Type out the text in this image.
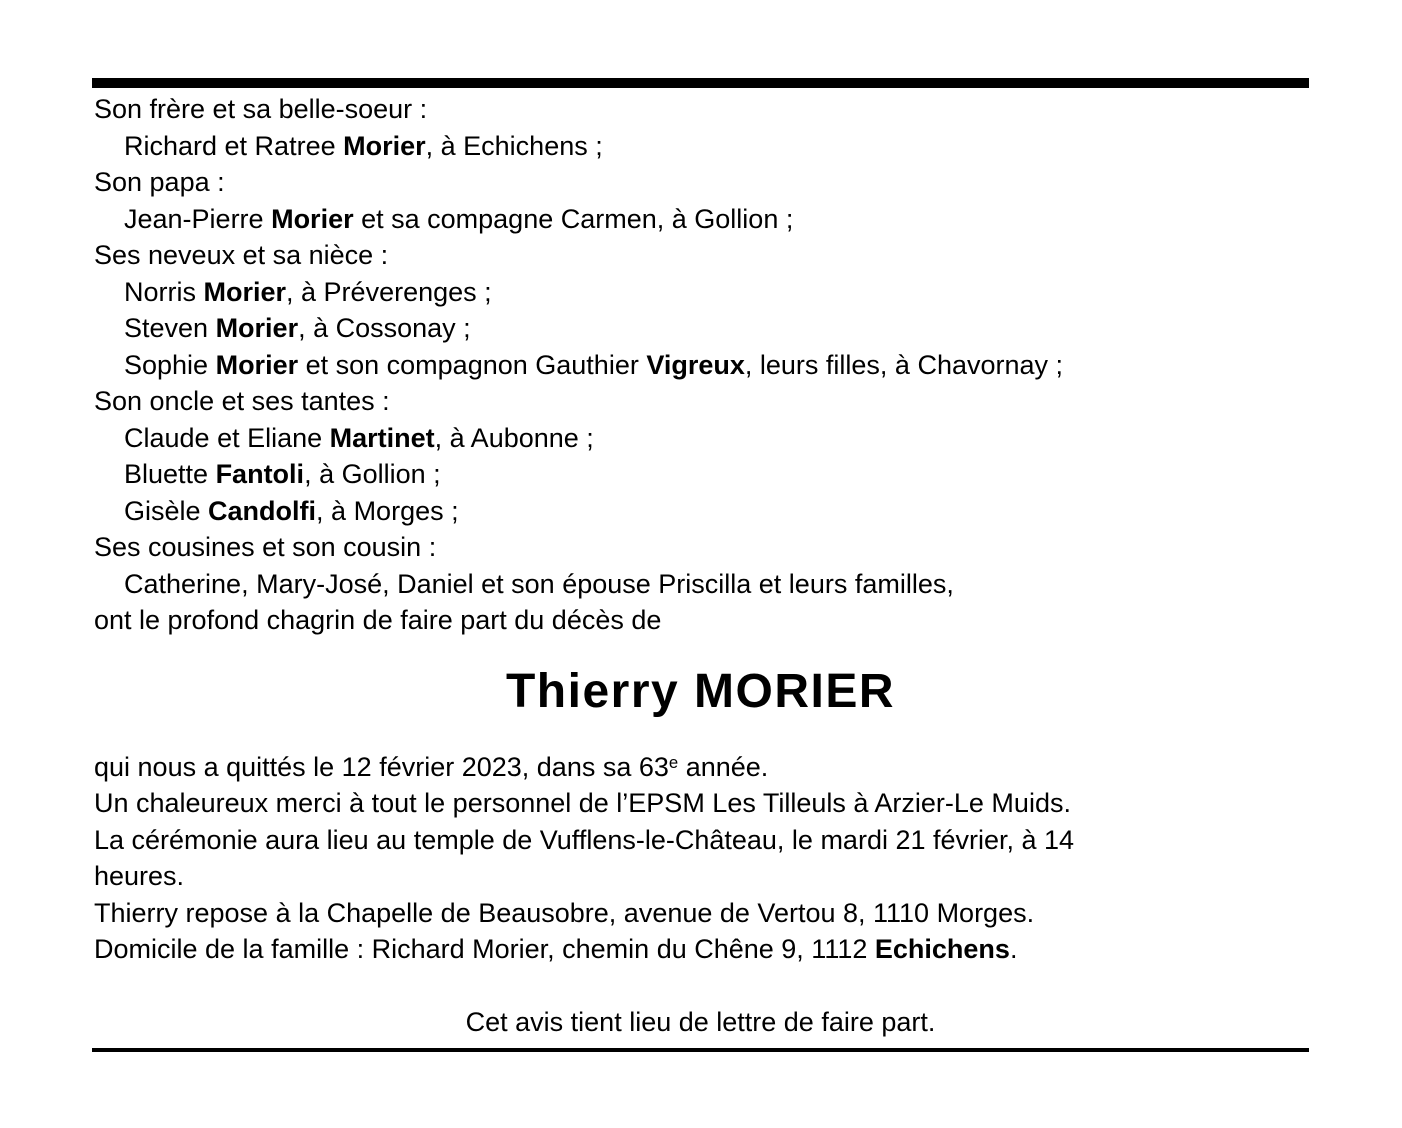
Son frère et sa belle-soeur :
Richard et Ratree Morier, à Echichens ;
Son papa :
Jean-Pierre Morier et sa compagne Carmen, à Gollion ;
Ses neveux et sa nièce :
Norris Morier, à Préverenges ;
Steven Morier, à Cossonay ;
Sophie Morier et son compagnon Gauthier Vigreux, leurs filles, à Chavornay ;
Son oncle et ses tantes :
Claude et Eliane Martinet, à Aubonne ;
Bluette Fantoli, à Gollion ;
Gisèle Candolfi, à Morges ;
Ses cousines et son cousin :
Catherine, Mary-José, Daniel et son épouse Priscilla et leurs familles,
ont le profond chagrin de faire part du décès de
Thierry MORIER
qui nous a quittés le 12 février 2023, dans sa 63e année.
Un chaleureux merci à tout le personnel de l’EPSM Les Tilleuls à Arzier-Le Muids.
La cérémonie aura lieu au temple de Vufflens-le-Château, le mardi 21 février, à 14
heures.
Thierry repose à la Chapelle de Beausobre, avenue de Vertou 8, 1110 Morges.
Domicile de la famille : Richard Morier, chemin du Chêne 9, 1112 Echichens.
Cet avis tient lieu de lettre de faire part.
